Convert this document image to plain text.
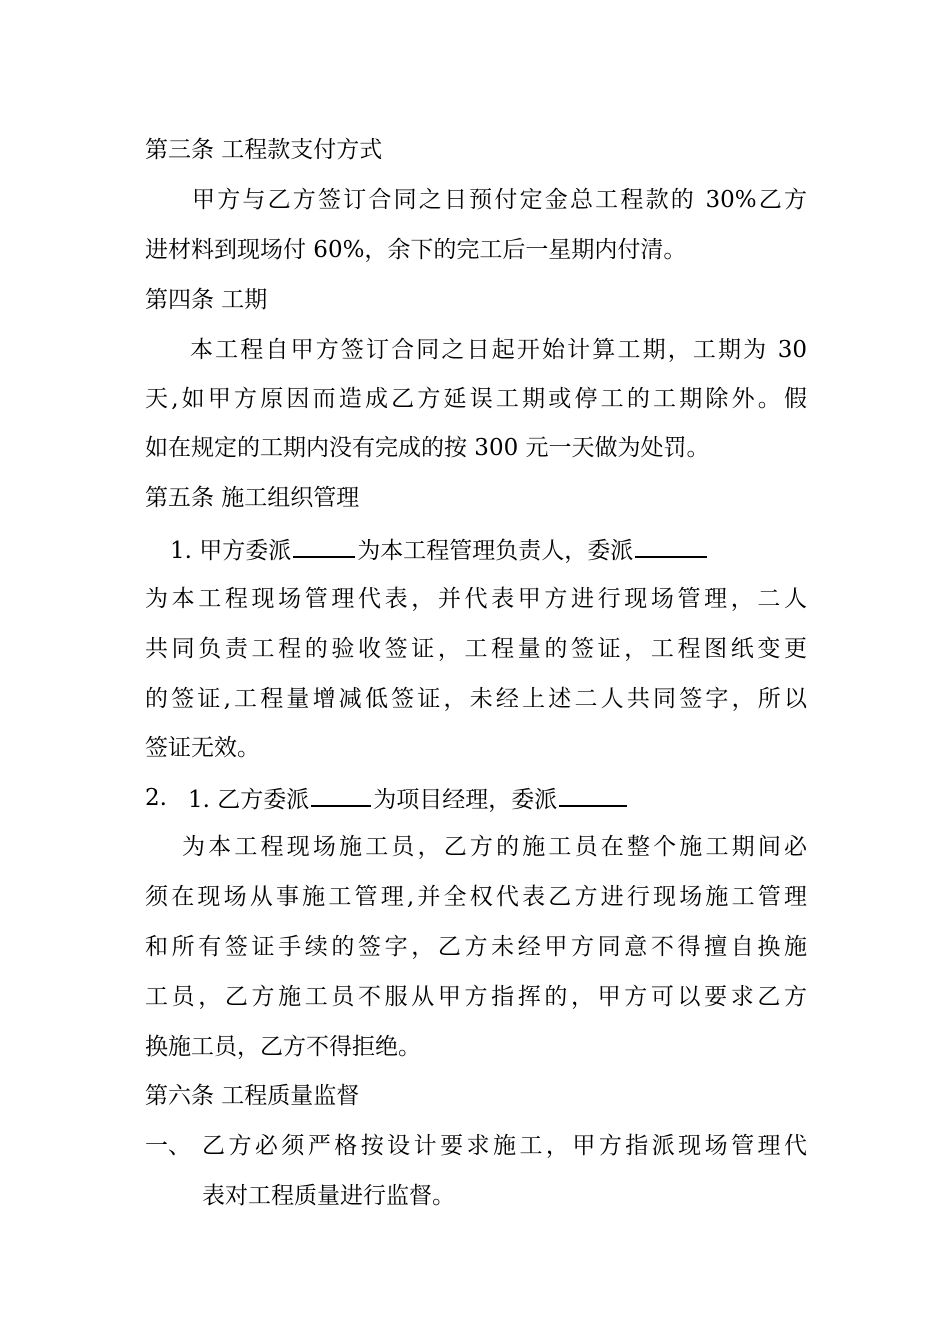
第三条 工程款支付方式
甲方与乙方签订合同之日预付定金总工程款的 30%乙方
进材料到现场付 60%，余下的完工后一星期内付清。
第四条 工期
本工程自甲方签订合同之日起开始计算工期，工期为 30
天,如甲方原因而造成乙方延误工期或停工的工期除外。假
如在规定的工期内没有完成的按 300 元一天做为处罚。
第五条 施工组织管理
1. 甲方委派	为本工程管理负责人，委派
为本工程现场管理代表，并代表甲方进行现场管理，二人
共同负责工程的验收签证，工程量的签证，工程图纸变更
的签证,工程量增减低签证，未经上述二人共同签字，所以
签证无效。
2. 1. 乙方委派	为项目经理，委派
为本工程现场施工员，乙方的施工员在整个施工期间必
须在现场从事施工管理,并全权代表乙方进行现场施工管理
和所有签证手续的签字，乙方未经甲方同意不得擅自换施
工员，乙方施工员不服从甲方指挥的，甲方可以要求乙方
换施工员，乙方不得拒绝。
第六条 工程质量监督
一、 乙方必须严格按设计要求施工，甲方指派现场管理代
表对工程质量进行监督。
